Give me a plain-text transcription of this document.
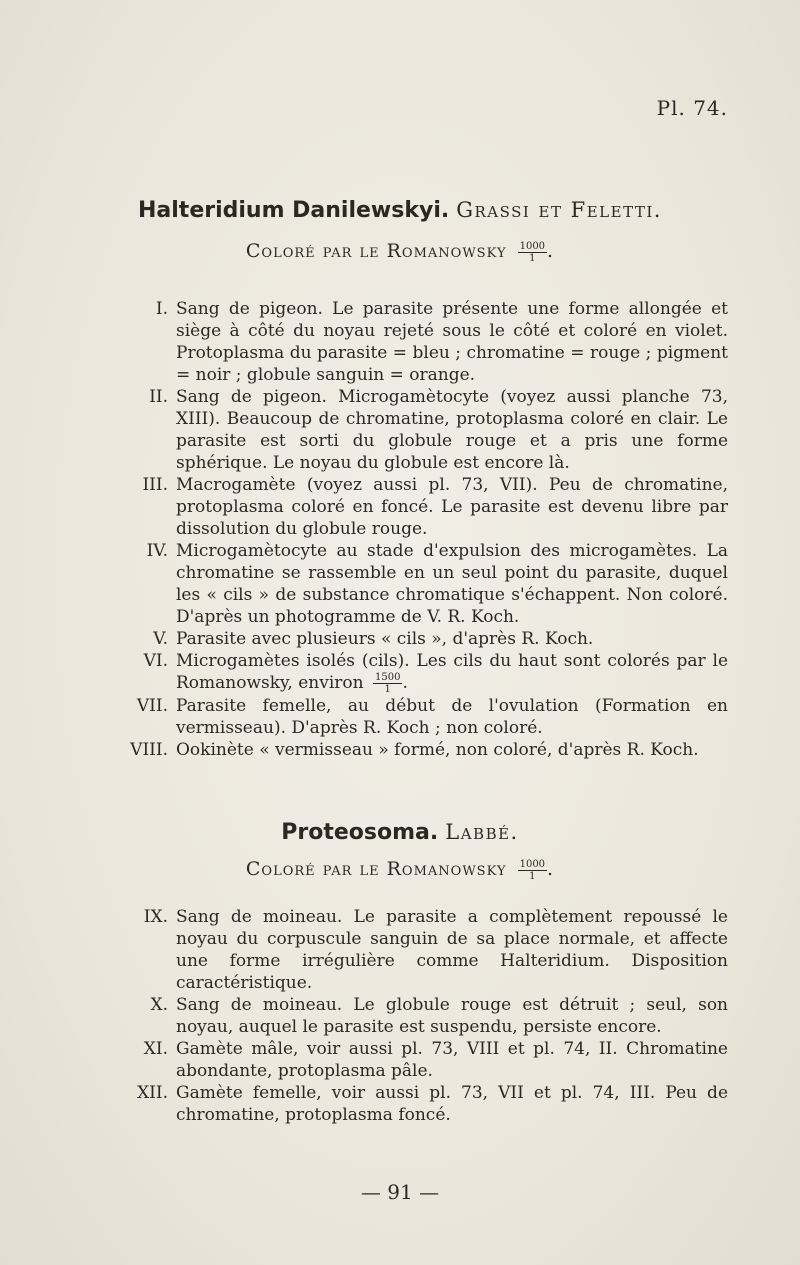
Pl. 74.
Halteridium Danilewskyi. Grassi et Feletti.
Coloré par le Romanowsky $\frac{1000}{1}$ .
I. Sang de pigeon. Le parasite présente une forme allongée et siège à côté du noyau rejeté sous le côté et coloré en violet. Protoplasma du parasite = bleu ; chromatine = rouge ; pigment = noir ; globule sanguin = orange.
II. Sang de pigeon. Microgamètocyte (voyez aussi planche 73, XIII). Beaucoup de chromatine, protoplasma coloré en clair. Le parasite est sorti du globule rouge et a pris une forme sphérique. Le noyau du globule est encore là.
III. Macrogamète (voyez aussi pl. 73, VII). Peu de chromatine, protoplasma coloré en foncé. Le parasite est devenu libre par dissolution du globule rouge.
IV. Microgamètocyte au stade d'expulsion des microgamètes. La chromatine se rassemble en un seul point du parasite, duquel les « cils » de substance chromatique s'échappent. Non coloré. D'après un photogramme de V. R. Koch.
V. Parasite avec plusieurs « cils », d'après R. Koch.
VI. Microgamètes isolés (cils). Les cils du haut sont colorés par le Romanowsky, environ $\frac{1500}{1}$ .
VII. Parasite femelle, au début de l'ovulation (Formation en vermisseau). D'après R. Koch ; non coloré.
VIII. Ookinète « vermisseau » formé, non coloré, d'après R. Koch.
Proteosoma. Labbé.
Coloré par le Romanowsky $\frac{1000}{1}$ .
IX. Sang de moineau. Le parasite a complètement repoussé le noyau du corpuscule sanguin de sa place normale, et affecte une forme irrégulière comme Halteridium. Disposition caractéristique.
X. Sang de moineau. Le globule rouge est détruit ; seul, son noyau, auquel le parasite est suspendu, persiste encore.
XI. Gamète mâle, voir aussi pl. 73, VIII et pl. 74, II. Chromatine abondante, protoplasma pâle.
XII. Gamète femelle, voir aussi pl. 73, VII et pl. 74, III. Peu de chromatine, protoplasma foncé.
— 91 —
